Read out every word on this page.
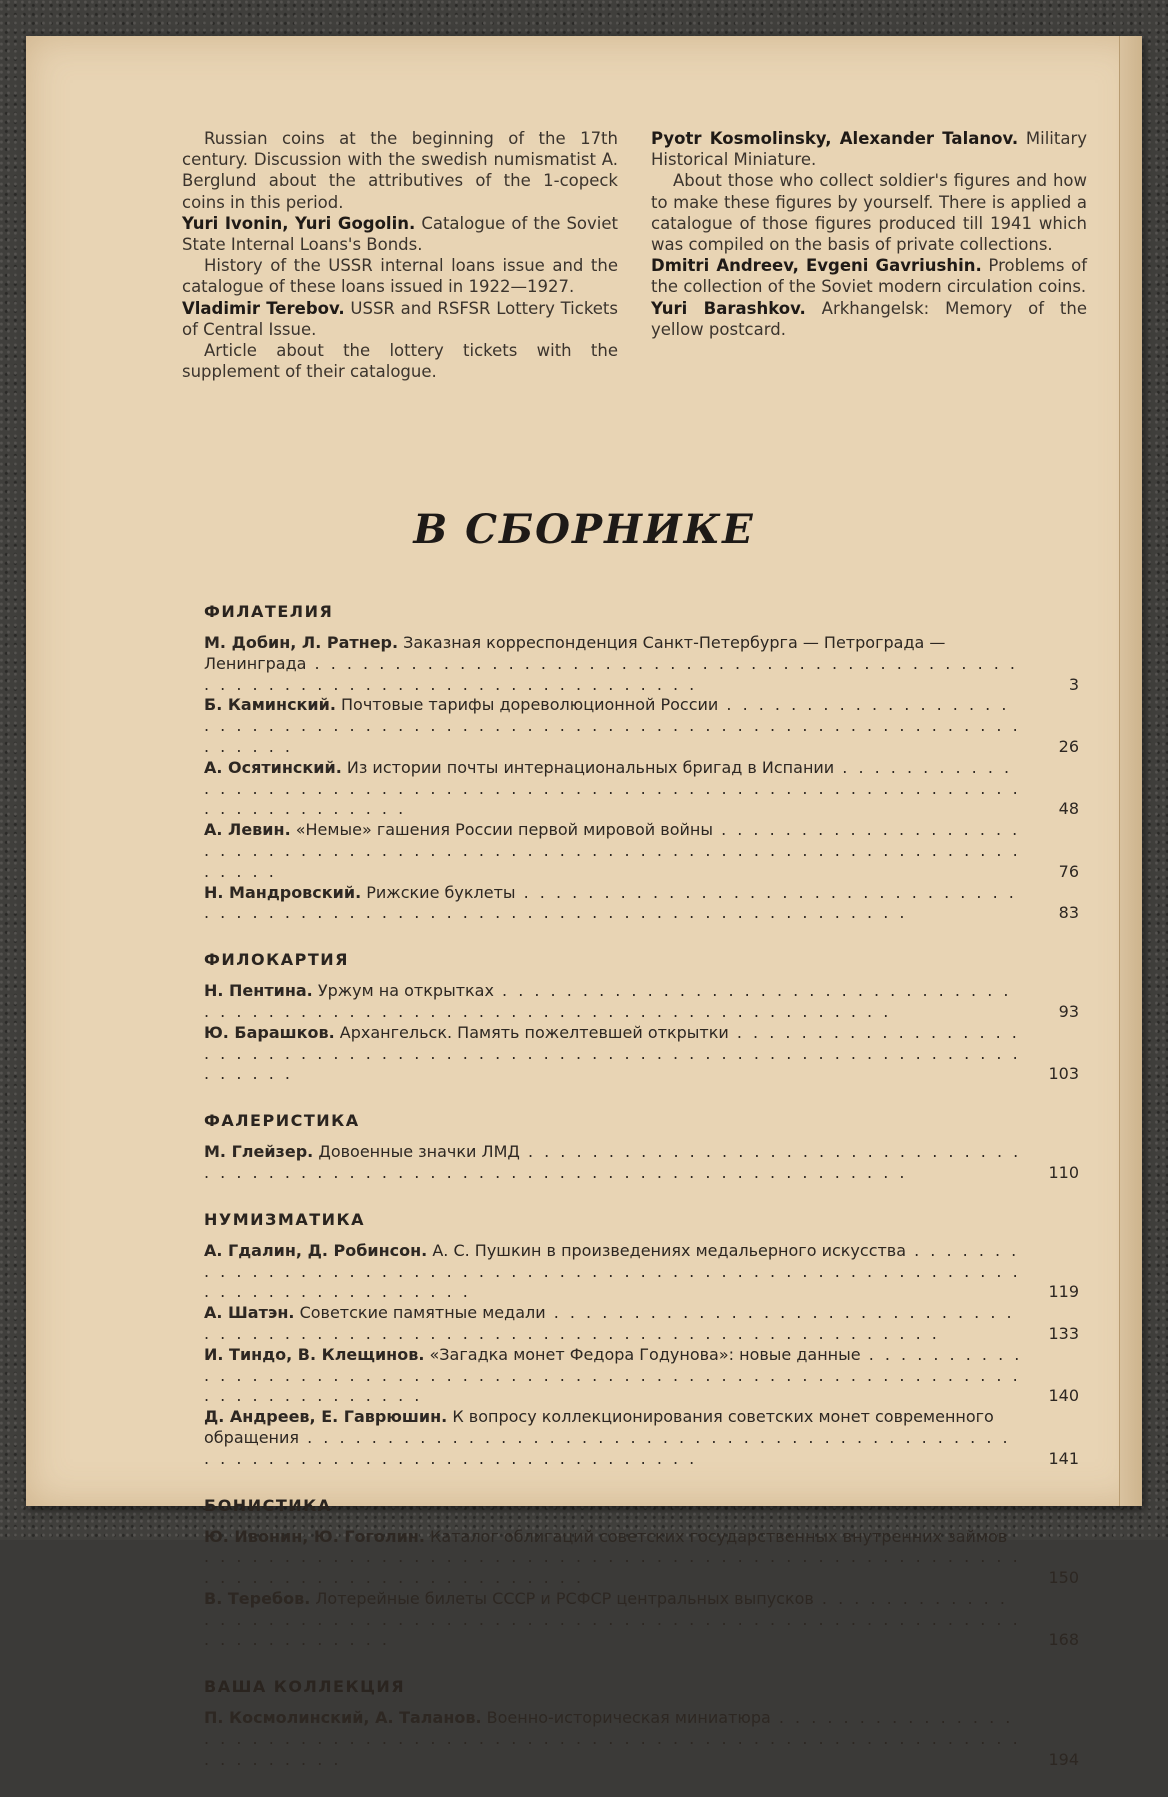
Russian coins at the beginning of the 17th century. Discussion with the swedish numismatist A. Berglund about the attributives of the 1-copeck coins in this period.

Yuri Ivonin, Yuri Gogolin. Catalogue of the Soviet State Internal Loans's Bonds.

History of the USSR internal loans issue and the catalogue of these loans issued in 1922—1927.

Vladimir Terebov. USSR and RSFSR Lottery Tickets of Central Issue.

Article about the lottery tickets with the supplement of their catalogue.

Pyotr Kosmolinsky, Alexander Talanov. Military Historical Miniature.

About those who collect soldier's figures and how to make these figures by yourself. There is applied a catalogue of those figures produced till 1941 which was compiled on the basis of private collections.

Dmitri Andreev, Evgeni Gavriushin. Problems of the collection of the Soviet modern circulation coins.

Yuri Barashkov. Arkhangelsk: Memory of the yellow postcard.

В СБОРНИКЕ
ФИЛАТЕЛИЯ
М. Добин, Л. Ратнер. Заказная корреспонденция Санкт-Петербурга — Петрограда — Ленинграда . . .
3
Б. Каминский. Почтовые тарифы дореволюционной России . . .
26
А. Осятинский. Из истории почты интернациональных бригад в Испании . . .
48
А. Левин. «Немые» гашения России первой мировой войны . . .
76
Н. Мандровский. Рижские буклеты . . .
83
ФИЛОКАРТИЯ
Н. Пентина. Уржум на открытках . . .
93
Ю. Барашков. Архангельск. Память пожелтевшей открытки . . .
103
ФАЛЕРИСТИКА
М. Глейзер. Довоенные значки ЛМД . . .
110
НУМИЗМАТИКА
А. Гдалин, Д. Робинсон. А. С. Пушкин в произведениях медальерного искусства . . .
119
А. Шатэн. Советские памятные медали . . .
133
И. Тиндо, В. Клещинов. «Загадка монет Федора Годунова»: новые данные . . .
140
Д. Андреев, Е. Гаврюшин. К вопросу коллекционирования советских монет современного обращения . . .
141
БОНИСТИКА
Ю. Ивонин, Ю. Гоголин. Каталог облигаций советских государственных внутренних займов . . .
150
В. Теребов. Лотерейные билеты СССР и РСФСР центральных выпусков . . .
168
ВАША КОЛЛЕКЦИЯ
П. Космолинский, А. Таланов. Военно-историческая миниатюра . . .
194
